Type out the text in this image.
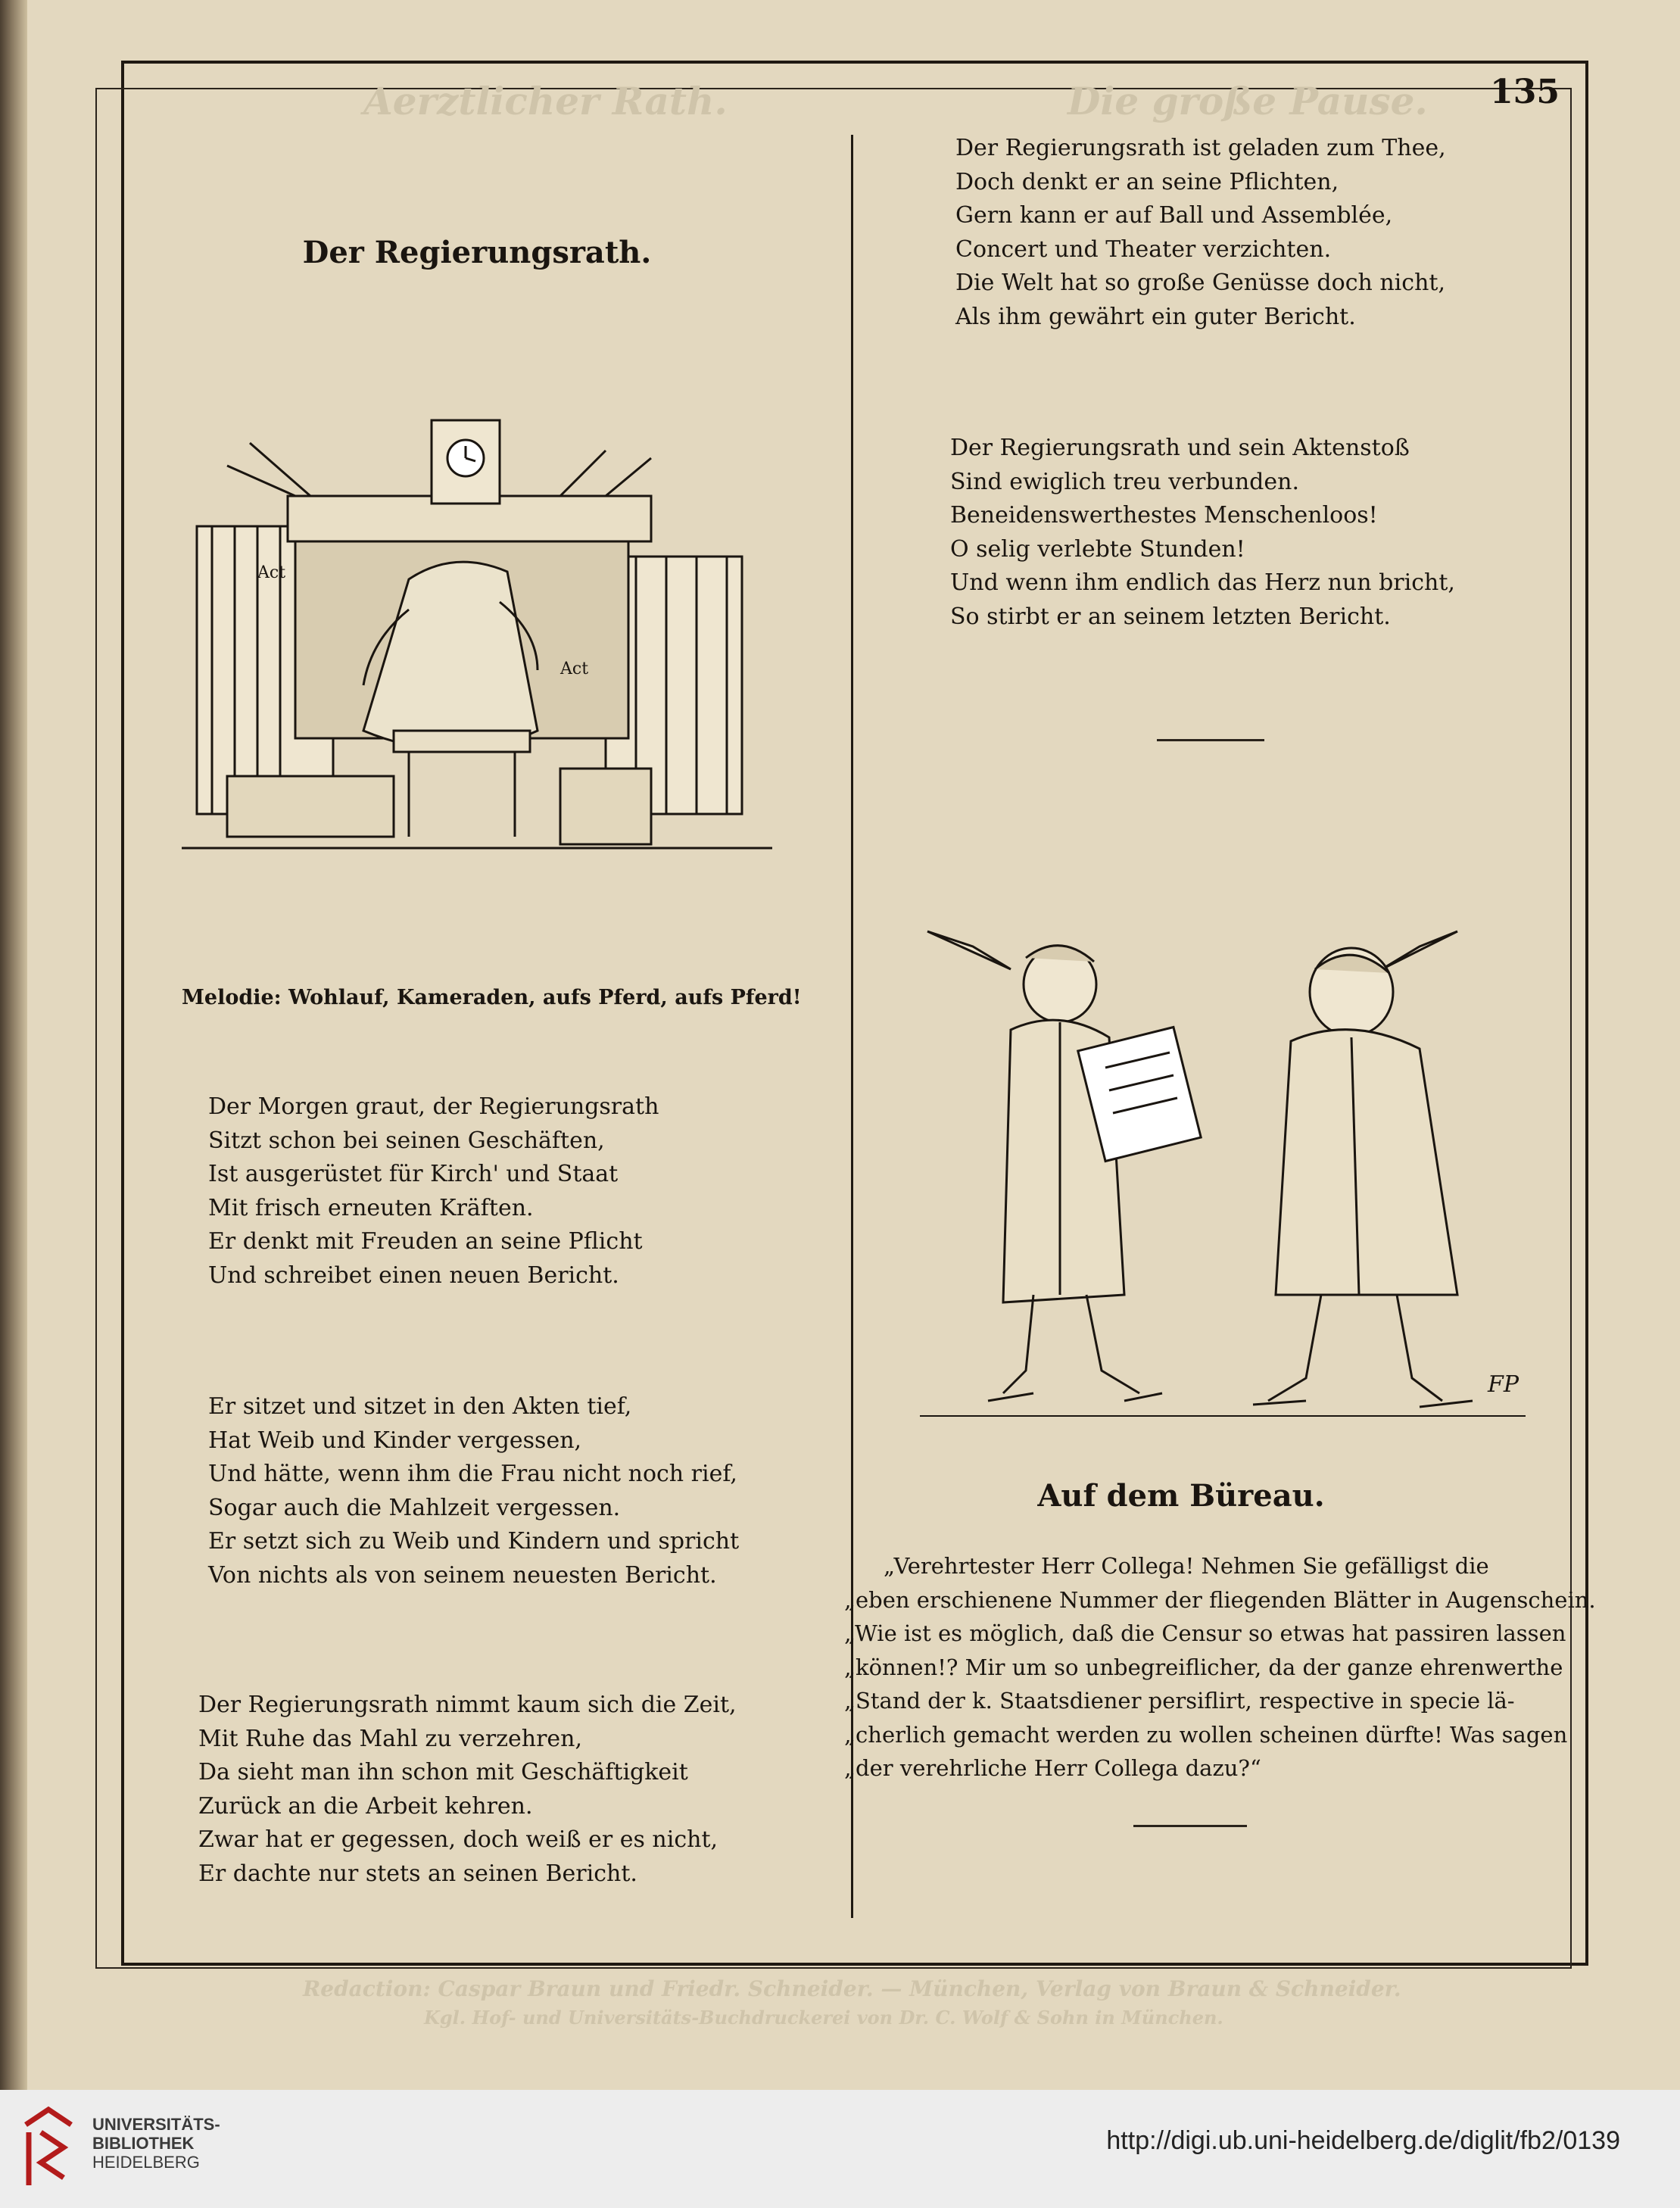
Aerztlicher Rath.	Die große Pause.	135
Der Regierungsrath.
Act
Act
Melodie: Wohlauf, Kameraden, aufs Pferd, aufs Pferd!
Der Morgen graut, der Regierungsrath
Sitzt schon bei seinen Geschäften,
Ist ausgerüstet für Kirch' und Staat
Mit frisch erneuten Kräften.
Er denkt mit Freuden an seine Pflicht
Und schreibet einen neuen Bericht.
Er sitzet und sitzet in den Akten tief,
Hat Weib und Kinder vergessen,
Und hätte, wenn ihm die Frau nicht noch rief,
Sogar auch die Mahlzeit vergessen.
Er setzt sich zu Weib und Kindern und spricht
Von nichts als von seinem neuesten Bericht.
Der Regierungsrath nimmt kaum sich die Zeit,
Mit Ruhe das Mahl zu verzehren,
Da sieht man ihn schon mit Geschäftigkeit
Zurück an die Arbeit kehren.
Zwar hat er gegessen, doch weiß er es nicht,
Er dachte nur stets an seinen Bericht.
Der Regierungsrath ist geladen zum Thee,
Doch denkt er an seine Pflichten,
Gern kann er auf Ball und Assemblée,
Concert und Theater verzichten.
Die Welt hat so große Genüsse doch nicht,
Als ihm gewährt ein guter Bericht.
Der Regierungsrath und sein Aktenstoß
Sind ewiglich treu verbunden.
Beneidenswerthestes Menschenloos!
O selig verlebte Stunden!
Und wenn ihm endlich das Herz nun bricht,
So stirbt er an seinem letzten Bericht.
FP
Auf dem Büreau.
„Verehrtester Herr Collega! Nehmen Sie gefälligst die
„eben erschienene Nummer der fliegenden Blätter in Augenschein.
„Wie ist es möglich, daß die Censur so etwas hat passiren lassen
„können!? Mir um so unbegreiflicher, da der ganze ehrenwerthe
„Stand der k. Staatsdiener persiflirt, respective in specie lä-
„cherlich gemacht werden zu wollen scheinen dürfte! Was sagen
„der verehrliche Herr Collega dazu?“
Redaction: Caspar Braun und Friedr. Schneider. — München, Verlag von Braun & Schneider.
Kgl. Hof- und Universitäts-Buchdruckerei von Dr. C. Wolf & Sohn in München.
UNIVERSITÄTS-
BIBLIOTHEK
HEIDELBERG
http://digi.ub.uni-heidelberg.de/diglit/fb2/0139
